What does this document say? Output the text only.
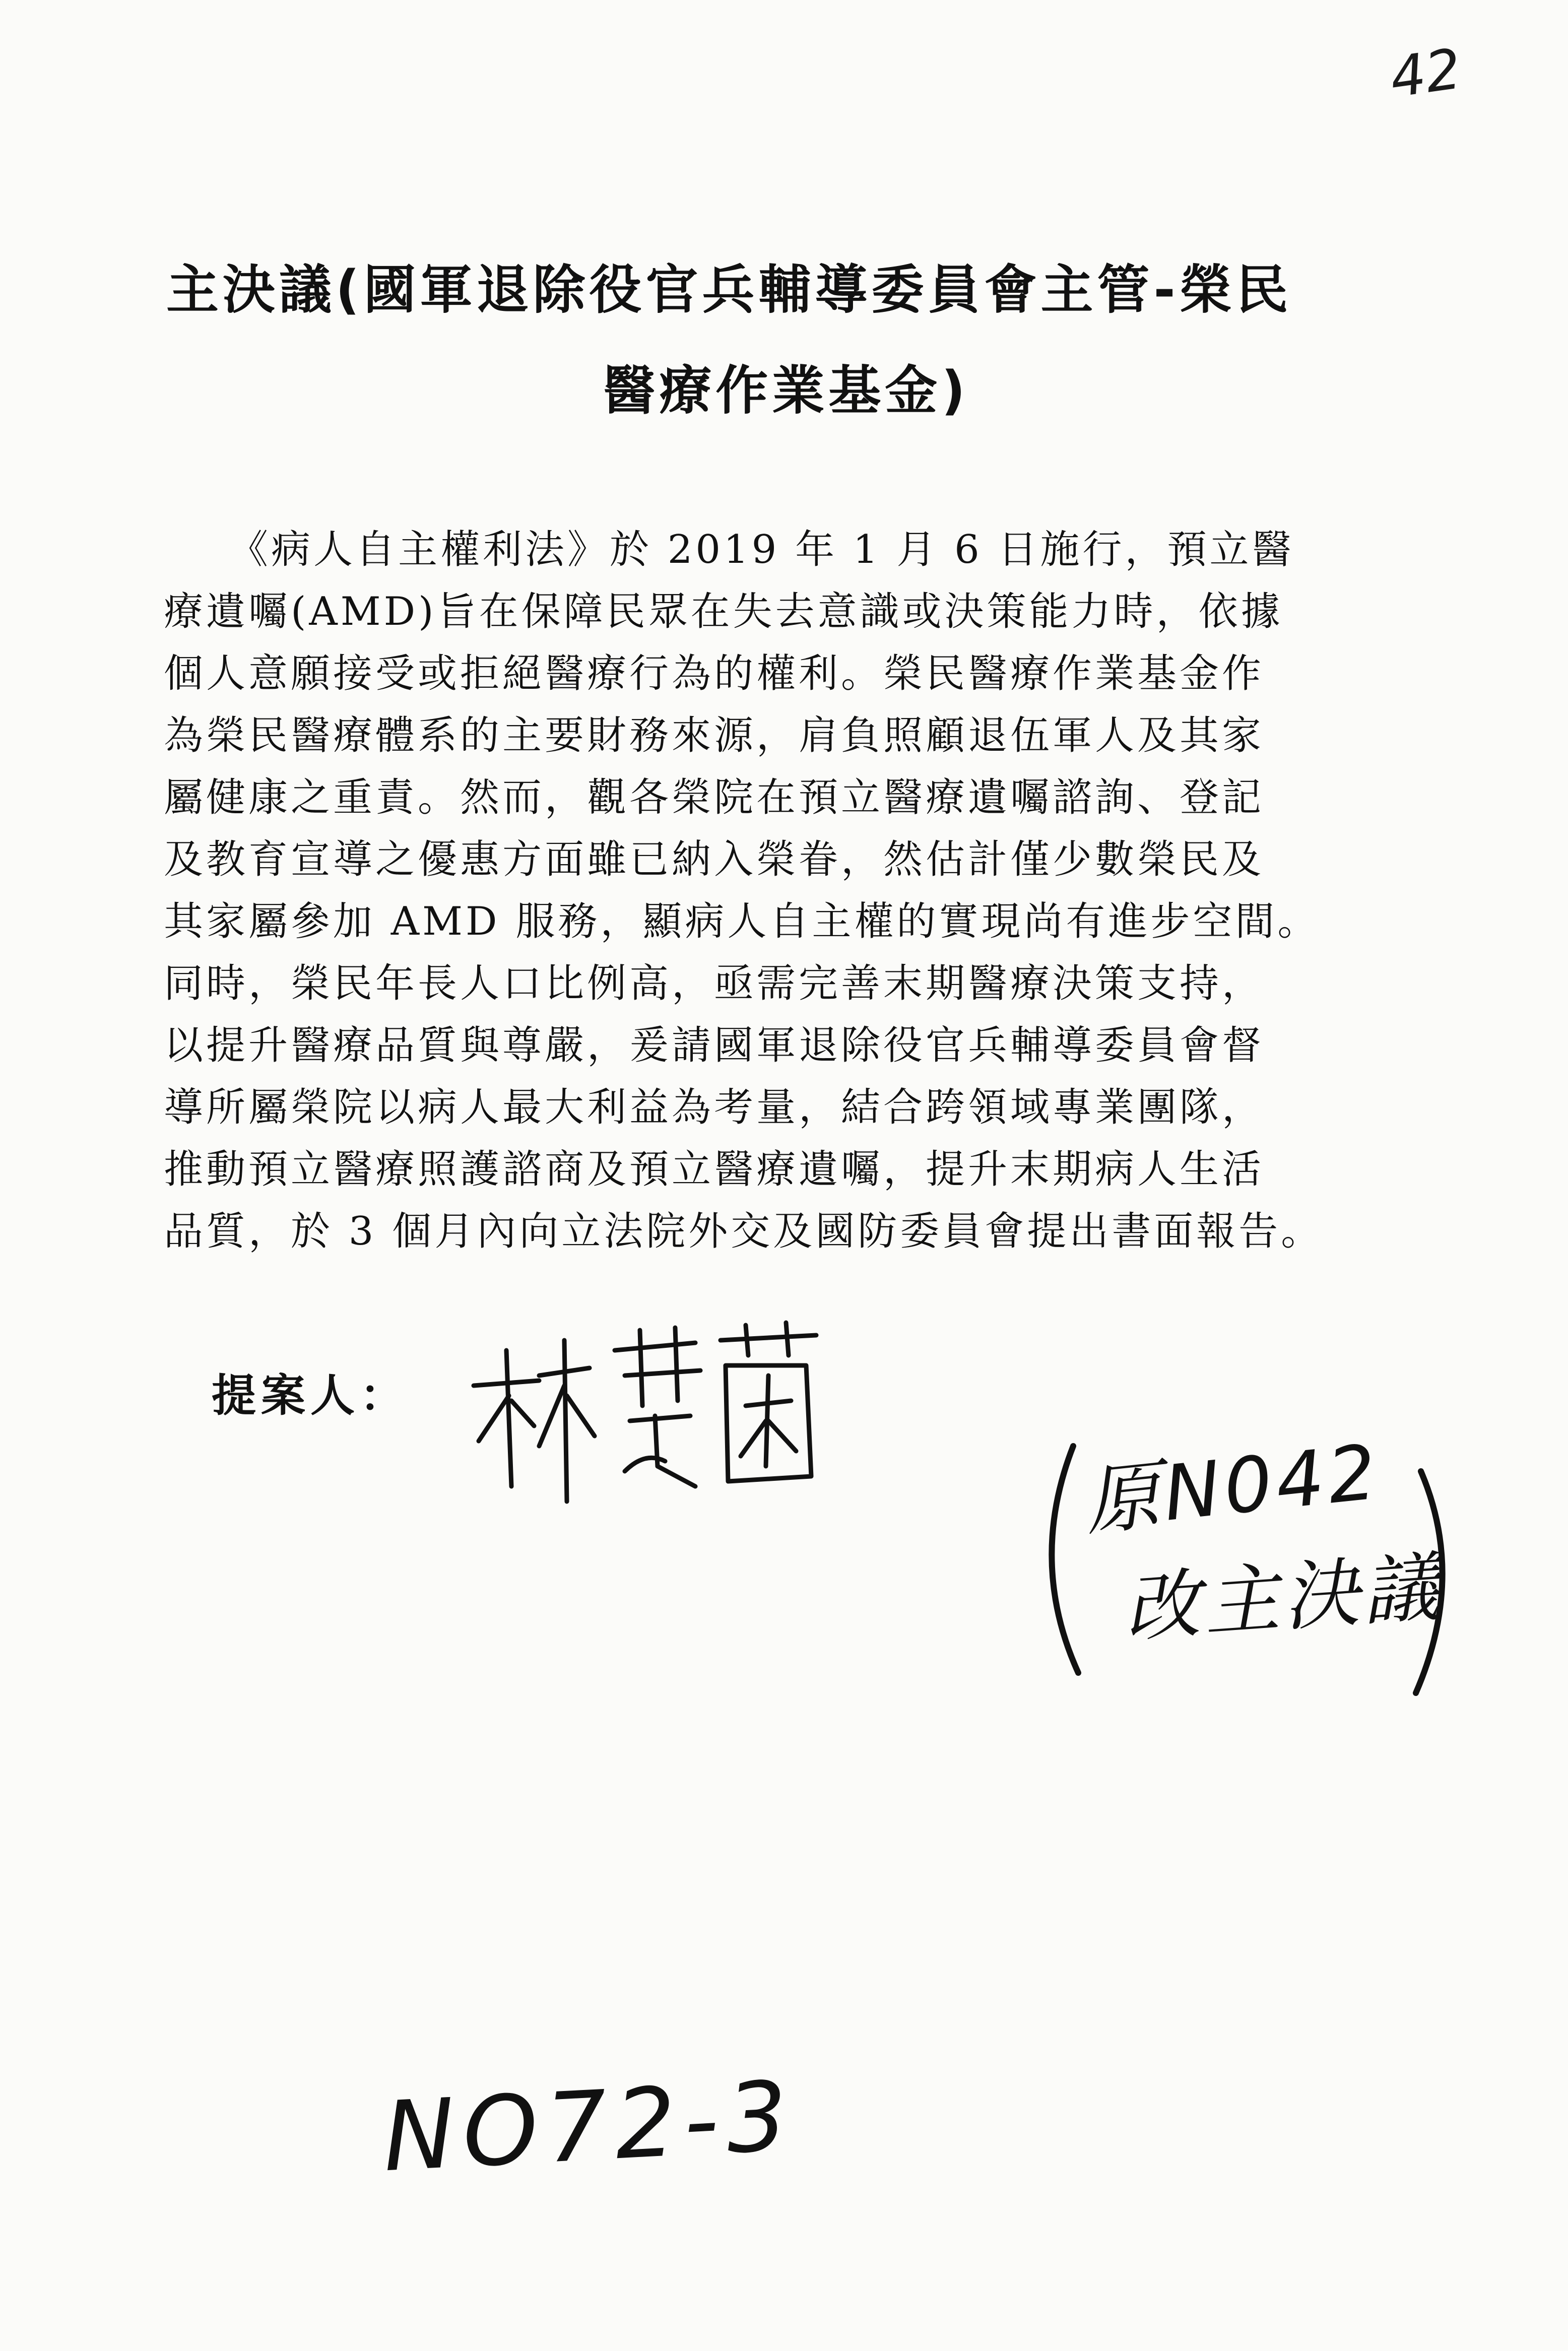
42
主決議(國軍退除役官兵輔導委員會主管-榮民
醫療作業基金)

　　《病人自主權利法》於 2019 年 1 月 6 日施行，預立醫

療遺囑(AMD)旨在保障民眾在失去意識或決策能力時，依據

個人意願接受或拒絕醫療行為的權利。榮民醫療作業基金作

為榮民醫療體系的主要財務來源，肩負照顧退伍軍人及其家

屬健康之重責。然而，觀各榮院在預立醫療遺囑諮詢、登記

及教育宣導之優惠方面雖已納入榮眷，然估計僅少數榮民及

其家屬參加 AMD 服務，顯病人自主權的實現尚有進步空間。

同時，榮民年長人口比例高，亟需完善末期醫療決策支持，

以提升醫療品質與尊嚴，爰請國軍退除役官兵輔導委員會督

導所屬榮院以病人最大利益為考量，結合跨領域專業團隊，

推動預立醫療照護諮商及預立醫療遺囑，提升末期病人生活

品質，於 3 個月內向立法院外交及國防委員會提出書面報告。

提案人：
原N042
改主決議
NO72-3
